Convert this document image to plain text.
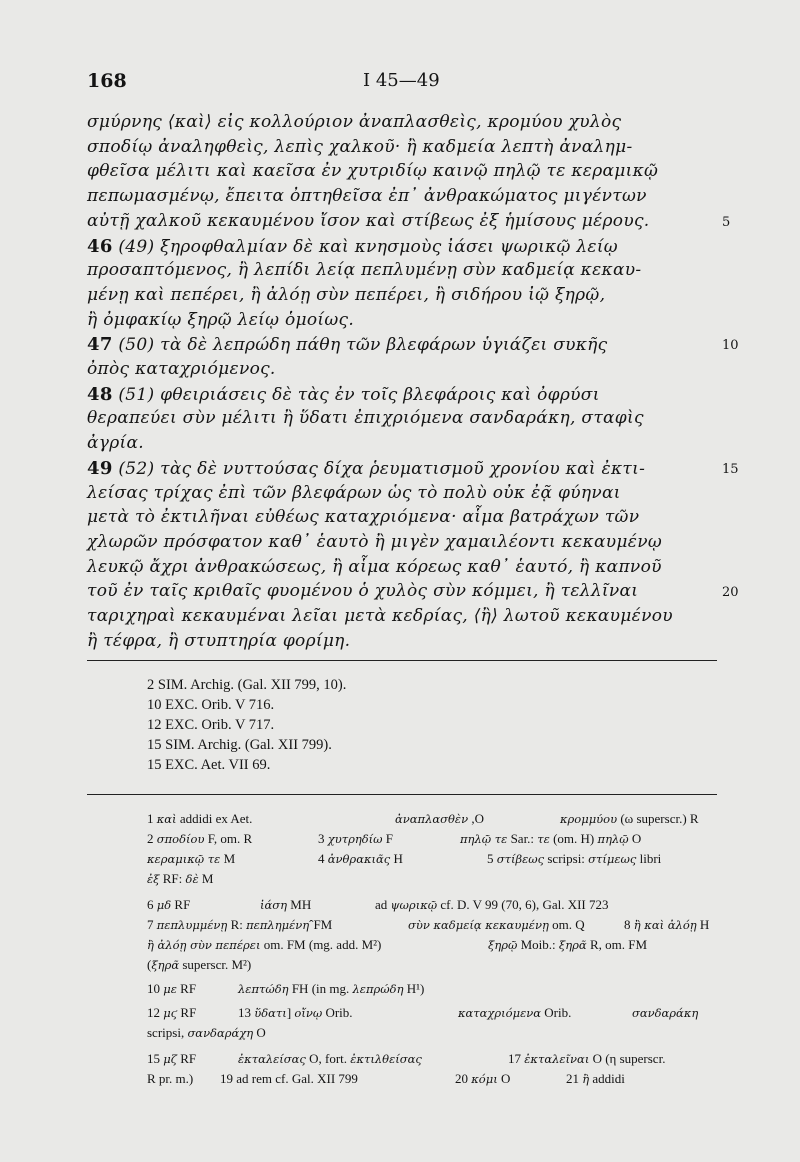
168	I 45—49
σμύρνης ⟨καὶ⟩ εἰς κολλούριον ἀναπλασθεὶς, κρομύου χυλὸς
σποδίῳ ἀναληφθεὶς, λεπὶς χαλκοῦ· ἢ καδμεία λεπτὴ ἀναλημ-
φθεῖσα μέλιτι καὶ καεῖσα ἐν χυτριδίῳ καινῷ πηλῷ τε κεραμικῷ
πεπωμασμένῳ, ἔπειτα ὀπτηθεῖσα ἐπ᾿ ἀνθρακώματος μιγέντων
αὐτῇ χαλκοῦ κεκαυμένου ἴσον καὶ στίβεως ἐξ ἡμίσους μέρους.
46 (49) ξηροφθαλμίαν δὲ καὶ κνησμοὺς ἰάσει ψωρικῷ λείῳ
προσαπτόμενος, ἢ λεπίδι λείᾳ πεπλυμένῃ σὺν καδμείᾳ κεκαυ-
μένῃ καὶ πεπέρει, ἢ ἀλόῃ σὺν πεπέρει, ἢ σιδήρου ἰῷ ξηρῷ,
ἢ ὀμφακίῳ ξηρῷ λείῳ ὁμοίως.
47 (50) τὰ δὲ λεπρώδη πάθη τῶν βλεφάρων ὑγιάζει συκῆς
ὀπὸς καταχριόμενος.
48 (51) φθειριάσεις δὲ τὰς ἐν τοῖς βλεφάροις καὶ ὀφρύσι
θεραπεύει σὺν μέλιτι ἢ ὕδατι ἐπιχριόμενα σανδαράκη, σταφὶς
ἀγρία.
49 (52) τὰς δὲ νυττούσας δίχα ῥευματισμοῦ χρονίου καὶ ἐκτι-
λείσας τρίχας ἐπὶ τῶν βλεφάρων ὡς τὸ πολὺ οὐκ ἐᾷ φύηναι
μετὰ τὸ ἐκτιλῆναι εὐθέως καταχριόμενα· αἷμα βατράχων τῶν
χλωρῶν πρόσφατον καθ᾿ ἑαυτὸ ἢ μιγὲν χαμαιλέοντι κεκαυμένῳ
λευκῷ ἄχρι ἀνθρακώσεως, ἢ αἷμα κόρεως καθ᾿ ἑαυτό, ἢ καπνοῦ
τοῦ ἐν ταῖς κριθαῖς φυομένου ὁ χυλὸς σὺν κόμμει, ἢ τελλῖναι
ταριχηραὶ κεκαυμέναι λεῖαι μετὰ κεδρίας, ⟨ἢ⟩ λωτοῦ κεκαυμένου
ἢ τέφρα, ἢ στυπτηρία φορίμη.
5
10
15
20
2 SIM. Archig. (Gal. XII 799, 10).
10 EXC. Orib. V 716.
12 EXC. Orib. V 717.
15 SIM. Archig. (Gal. XII 799).
15 EXC. Aet. VII 69.
1 καὶ addidi ex Aet.	ἀναπλασθὲν ,O	κρομμύου (ω superscr.) R
2 σποδίου F, om. R	3 χυτρηδίω F	πηλῷ τε Sar.: τε (om. H) πηλῷ O
κεραμικῷ τε M	4 ἀνθρακιᾶς H	5 στίβεως scripsi: στίμεως libri
ἐξ RF: δὲ M
6 μδ RF	ἰάση MH	ad ψωρικῷ cf. D. V 99 (70, 6), Gal. XII 723
7 πεπλυμμένῃ R: πεπλημένηˆFM	σὺν καδμείᾳ κεκαυμένῃ om. Q	8 ἢ καὶ ἀλόῃ H
ἢ ἀλόῃ σὺν πεπέρει om. FM (mg. add. M²)	ξηρῷ Moib.: ξηρᾶ R, om. FM
(ξηρᾶ superscr. M²)
10 με RF	λεπτώδη FH (in mg. λεπρώδη H¹)
12 μϛ RF	13 ὕδατι] οἴνῳ Orib.	καταχριόμενα Orib.	σανδαράκη
scripsi, σανδαράχη O
15 μζ RF	ἐκταλείσας O, fort. ἐκτιλθείσας	17 ἐκταλεῖναι O (η superscr.
R pr. m.) 19 ad rem cf. Gal. XII 799	20 κόμι O	21 ἢ addidi
